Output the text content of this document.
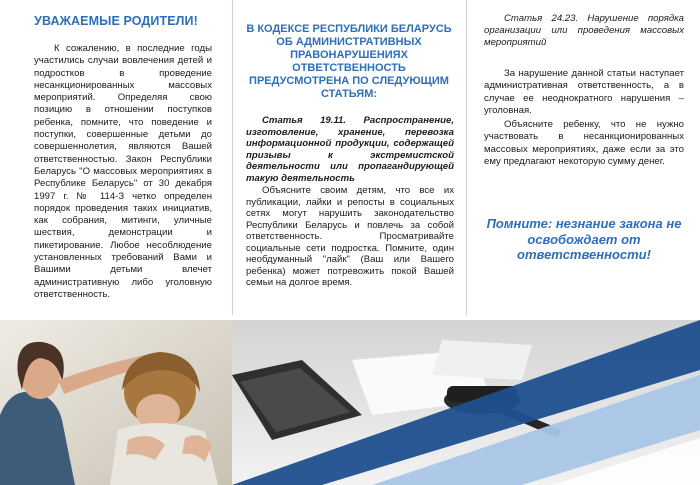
УВАЖАЕМЫЕ РОДИТЕЛИ!

К сожалению, в последние годы участились случаи вовлечения детей и подростков в проведение несанкционированных массовых мероприятий. Определяя свою позицию в отношении поступков ребенка, помните, что поведение и поступки, совершенные детьми до совершеннолетия, являются Вашей ответственностью. Закон Республики Беларусь "О массовых мероприятиях в Республике Беларусь" от 30 декабря 1997 г. № 114-З четко определен порядок проведения таких инициатив, как собрания, митинги, уличные шествия, демонстрации и пикетирование. Любое несоблюдение установленных требований Вами и Вашими детьми влечет административную либо уголовную ответственность.

В КОДЕКСЕ РЕСПУБЛИКИ БЕЛАРУСЬ ОБ АДМИНИСТРАТИВНЫХ ПРАВОНАРУШЕНИЯХ ОТВЕТСТВЕННОСТЬ ПРЕДУСМОТРЕНА ПО СЛЕДУЮЩИМ СТАТЬЯМ:

Статья 19.11. Распространение, изготовление, хранение, перевозка информационной продукции, содержащей призывы к экстремистской деятельности или пропагандирующей такую деятельность

Объясните своим детям, что все их публикации, лайки и репосты в социальных сетях могут нарушить законодательство Республики Беларусь и повлечь за собой ответственность. Просматривайте социальные сети подростка. Помните, один необдуманный "лайк" (Ваш или Вашего ребенка) может потревожить покой Вашей семьи на долгое время.

Статья 24.23. Нарушение порядка организации или проведения массовых мероприятий

За нарушение данной статьи наступает административная ответственность, а в случае ее неоднократного нарушения – уголовная.

Объясните ребенку, что не нужно участвовать в несанкционированных массовых мероприятиях, даже если за это ему предлагают некоторую сумму денег.

Помните: незнание закона не освобождает от ответственности!
